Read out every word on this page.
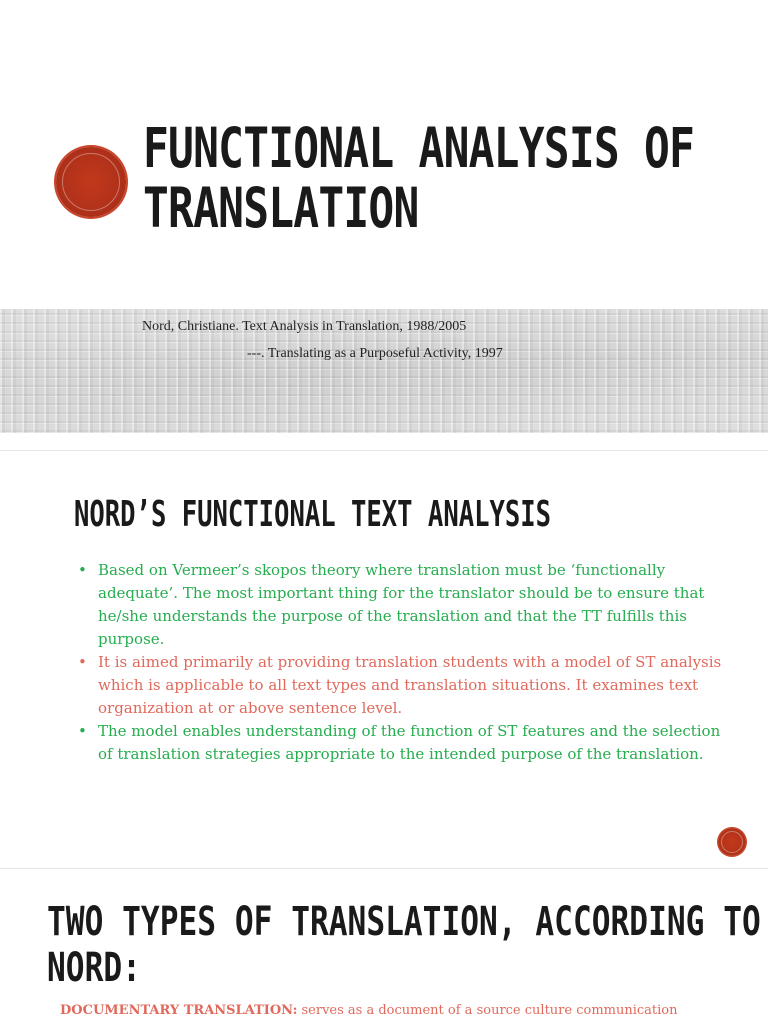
FUNCTIONAL ANALYSIS OF
TRANSLATION
Nord, Christiane. Text Analysis in Translation, 1988/2005
---. Translating as a Purposeful Activity, 1997
NORD’S FUNCTIONAL TEXT ANALYSIS
• Based on Vermeer’s skopos theory where translation must be ‘functionally adequate’. The most important thing for the translator should be to ensure that he/she understands the purpose of the translation and that the TT fulfills this purpose.
• It is aimed primarily at providing translation students with a model of ST analysis which is applicable to all text types and translation situations. It examines text organization at or above sentence level.
• The model enables understanding of the function of ST features and the selection of translation strategies appropriate to the intended purpose of the translation.
TWO TYPES OF TRANSLATION, ACCORDING TO
NORD:
DOCUMENTARY TRANSLATION: serves as a document of a source culture communication
